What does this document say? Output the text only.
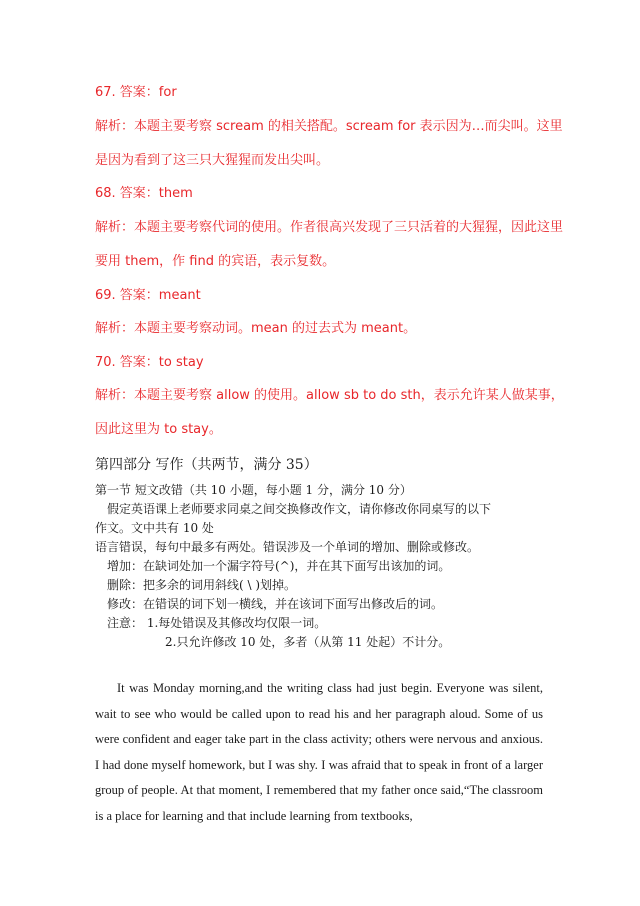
67. 答案：for
解析：本题主要考察 scream 的相关搭配。scream for 表示因为…而尖叫。这里是因为看到了这三只大猩猩而发出尖叫。
68. 答案：them
解析：本题主要考察代词的使用。作者很高兴发现了三只活着的大猩猩，因此这里要用 them，作 find 的宾语，表示复数。
69. 答案：meant
解析：本题主要考察动词。mean 的过去式为 meant。
70. 答案：to stay
解析：本题主要考察 allow 的使用。allow sb to do sth，表示允许某人做某事，因此这里为 to stay。
第四部分 写作（共两节，满分 35）
第一节 短文改错（共 10 小题，每小题 1 分，满分 10 分）
假定英语课上老师要求同桌之间交换修改作文，请你修改你同桌写的以下
作文。文中共有 10 处
语言错误，每句中最多有两处。错误涉及一个单词的增加、删除或修改。
增加：在缺词处加一个漏字符号(^)，并在其下面写出该加的词。
删除：把多余的词用斜线( \ )划掉。
修改：在错误的词下划一横线，并在该词下面写出修改后的词。
注意： 1.每处错误及其修改均仅限一词。
2.只允许修改 10 处，多者（从第 11 处起）不计分。
It was Monday morning,and the writing class had just begin. Everyone was silent, wait to see who would be called upon to read his and her paragraph aloud. Some of us were confident and eager take part in the class activity; others were nervous and anxious. I had done myself homework, but I was shy. I was afraid that to speak in front of a larger group of people. At that moment, I remembered that my father once said,“The classroom is a place for learning and that include learning from textbooks,
